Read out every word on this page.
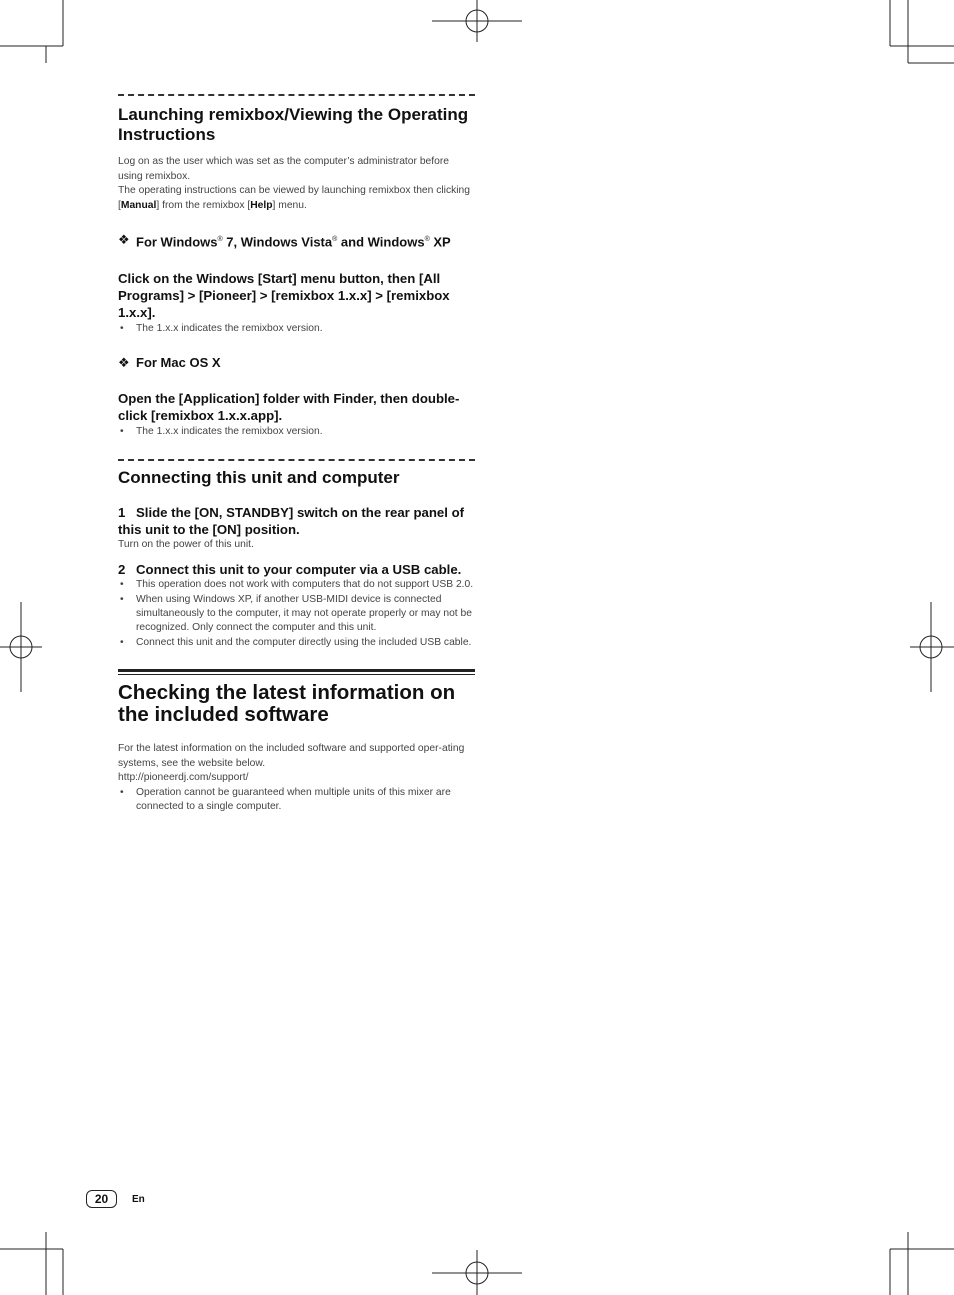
Launching remixbox/Viewing the Operating Instructions
Log on as the user which was set as the computer’s administrator before using remixbox.
The operating instructions can be viewed by launching remixbox then clicking [Manual] from the remixbox [Help] menu.
❖ For Windows® 7, Windows Vista® and Windows® XP
Click on the Windows [Start] menu button, then [All Programs] > [Pioneer] > [remixbox 1.x.x] > [remixbox 1.x.x].
• The 1.x.x indicates the remixbox version.
❖ For Mac OS X
Open the [Application] folder with Finder, then double-click [remixbox 1.x.x.app].
• The 1.x.x indicates the remixbox version.
Connecting this unit and computer
1 Slide the [ON, STANDBY] switch on the rear panel of this unit to the [ON] position.
Turn on the power of this unit.
2 Connect this unit to your computer via a USB cable.
• This operation does not work with computers that do not support USB 2.0.
• When using Windows XP, if another USB-MIDI device is connected simultaneously to the computer, it may not operate properly or may not be recognized. Only connect the computer and this unit.
• Connect this unit and the computer directly using the included USB cable.
Checking the latest information on the included software
For the latest information on the included software and supported oper-ating systems, see the website below.
http://pioneerdj.com/support/
• Operation cannot be guaranteed when multiple units of this mixer are connected to a single computer.
20	En
